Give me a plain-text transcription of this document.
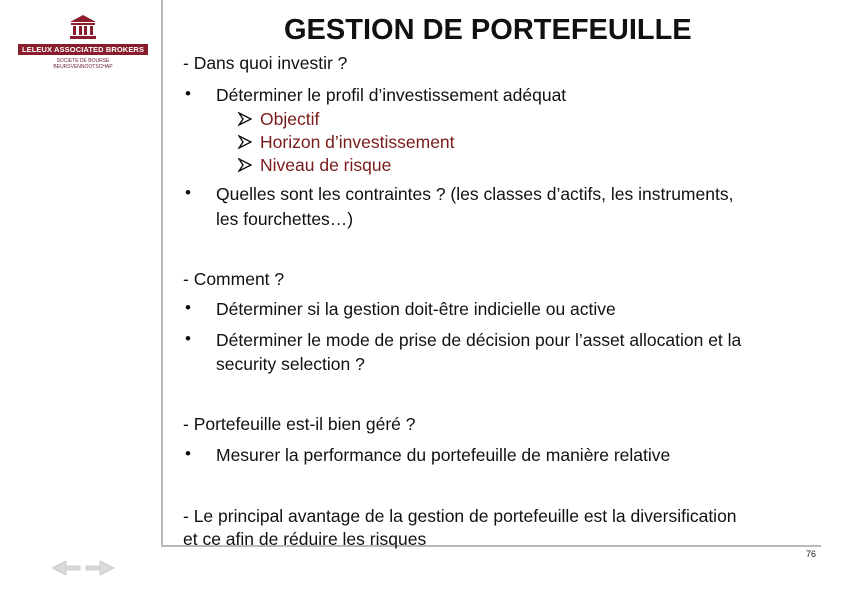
LELEUX ASSOCIATED BROKERS
SOCIETE DE BOURSE
BEURSVENNOOTSCHAP
GESTION DE PORTEFEUILLE
- Dans quoi investir ?
• Déterminer le profil d’investissement adéquat
Objectif
Horizon d’investissement
Niveau de risque
• Quelles sont les contraintes ? (les classes d’actifs, les instruments,
les fourchettes…)
- Comment ?
• Déterminer si la gestion doit-être indicielle ou active
• Déterminer le mode de prise de décision pour l’asset allocation et la
security selection ?
- Portefeuille est-il bien géré ?
• Mesurer la performance du portefeuille de manière relative
- Le principal avantage de la gestion de portefeuille est la diversification
et ce afin de réduire les risques
76
